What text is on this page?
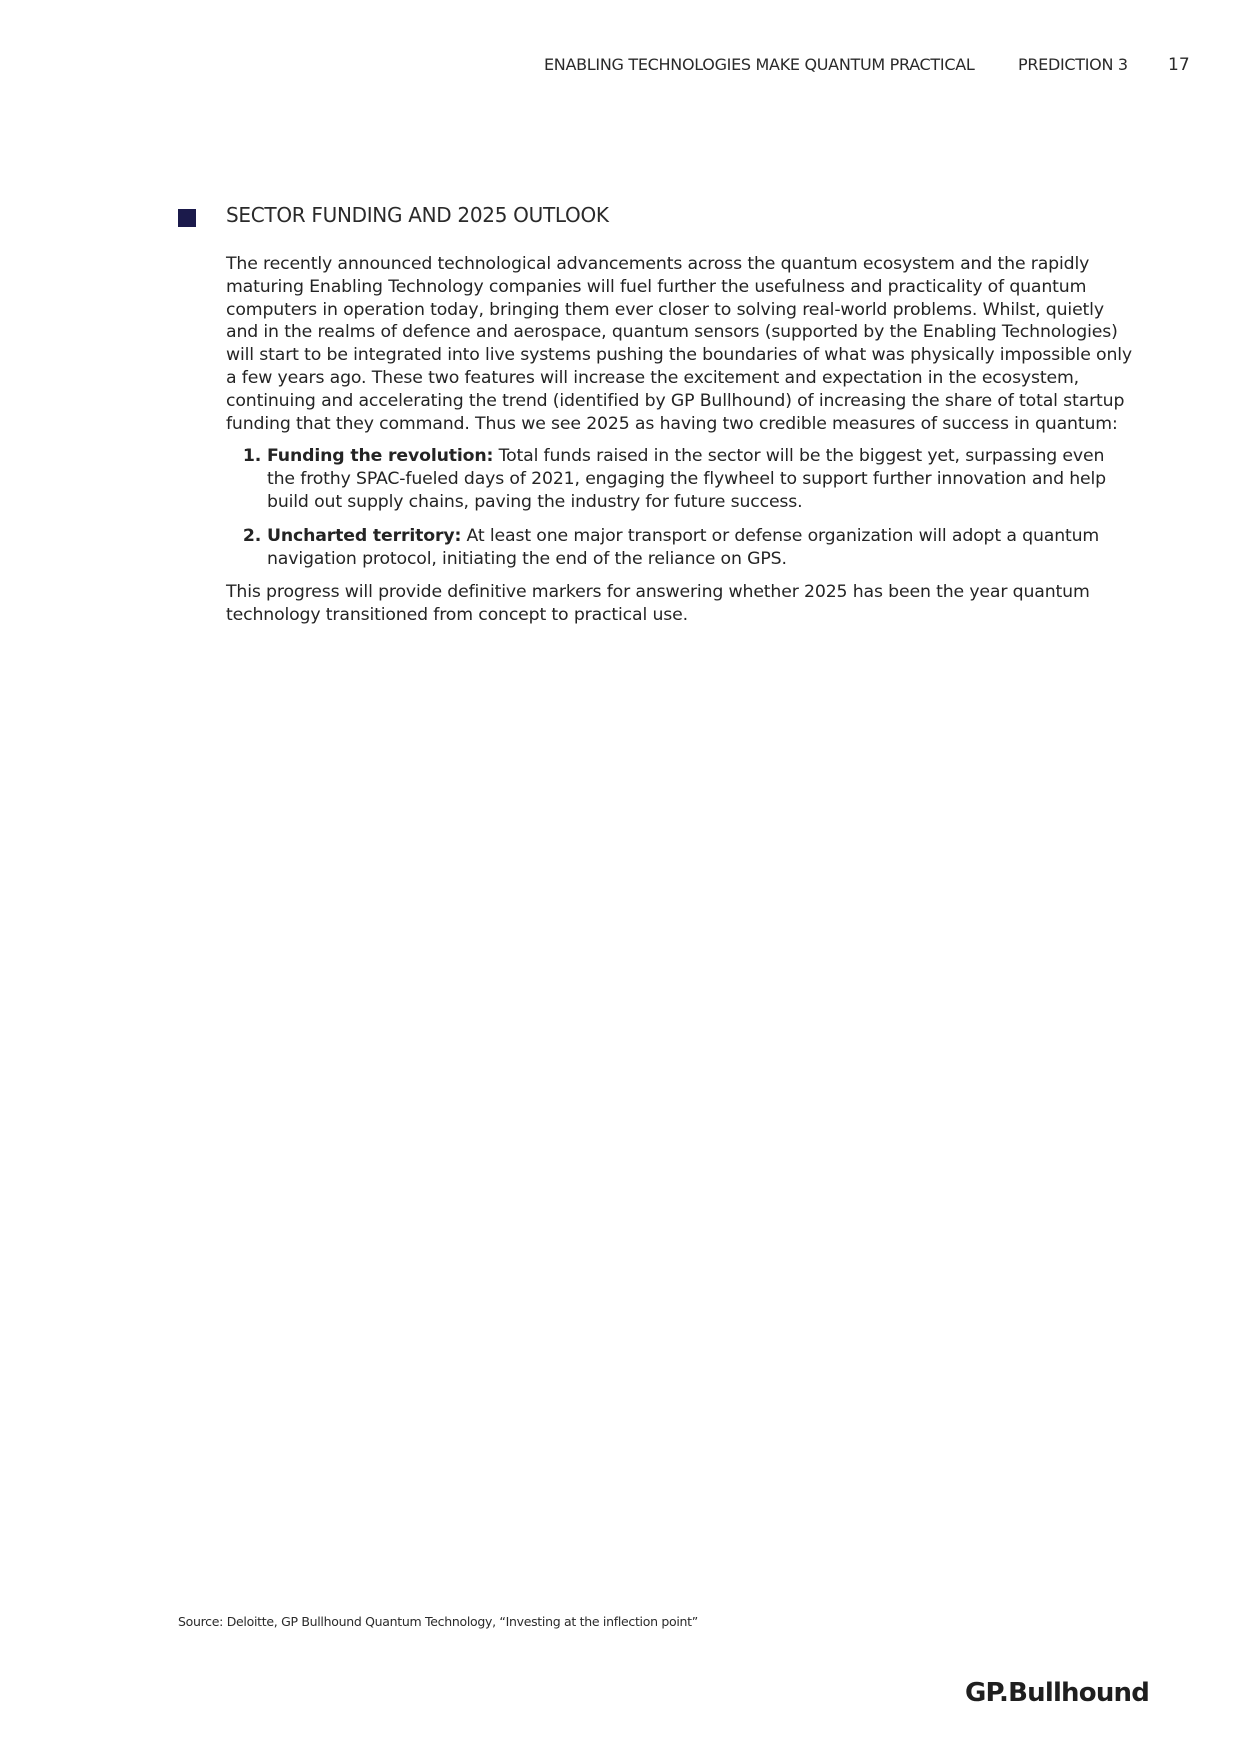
ENABLING TECHNOLOGIES MAKE QUANTUM PRACTICAL	PREDICTION 3 17
SECTOR FUNDING AND 2025 OUTLOOK

The recently announced technological advancements across the quantum ecosystem and the rapidly maturing Enabling Technology companies will fuel further the usefulness and practicality of quantum computers in operation today, bringing them ever closer to solving real-world problems. Whilst, quietly and in the realms of defence and aerospace, quantum sensors (supported by the Enabling Technologies) will start to be integrated into live systems pushing the boundaries of what was physically impossible only a few years ago. These two features will increase the excitement and expectation in the ecosystem, continuing and accelerating the trend (identified by GP Bullhound) of increasing the share of total startup funding that they command. Thus we see 2025 as having two credible measures of success in quantum:

1. Funding the revolution: Total funds raised in the sector will be the biggest yet, surpassing even the frothy SPAC-fueled days of 2021, engaging the flywheel to support further innovation and help build out supply chains, paving the industry for future success.
2. Uncharted territory: At least one major transport or defense organization will adopt a quantum navigation protocol, initiating the end of the reliance on GPS.

This progress will provide definitive markers for answering whether 2025 has been the year quantum technology transitioned from concept to practical use.

Source: Deloitte, GP Bullhound Quantum Technology, “Investing at the inflection point”
GP.Bullhound
